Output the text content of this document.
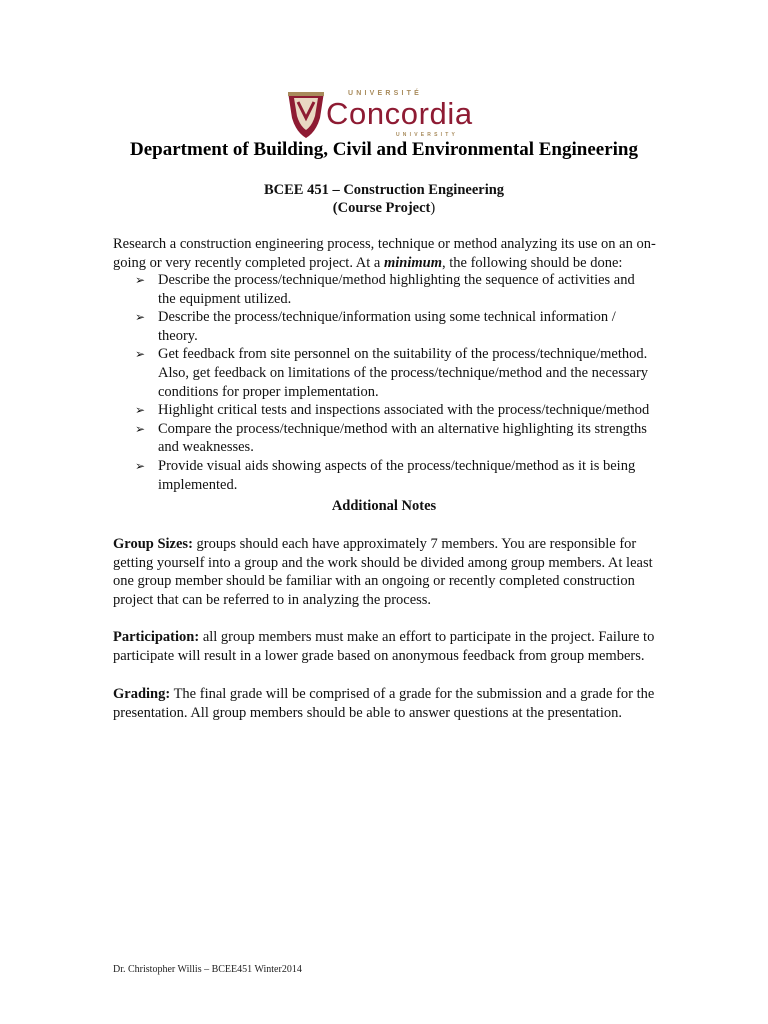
UNIVERSITÉ
Concordia
UNIVERSITY
Department of Building, Civil and Environmental Engineering
BCEE 451 – Construction Engineering
(Course Project)
Research a construction engineering process, technique or method analyzing its use on an on-going or very recently completed project. At a minimum, the following should be done:
➢ Describe the process/technique/method highlighting the sequence of activities and the equipment utilized.
➢ Describe the process/technique/information using some technical information / theory.
➢ Get feedback from site personnel on the suitability of the process/technique/method. Also, get feedback on limitations of the process/technique/method and the necessary conditions for proper implementation.
➢ Highlight critical tests and inspections associated with the process/technique/method
➢ Compare the process/technique/method with an alternative highlighting its strengths and weaknesses.
➢ Provide visual aids showing aspects of the process/technique/method as it is being implemented.
Additional Notes
Group Sizes: groups should each have approximately 7 members. You are responsible for getting yourself into a group and the work should be divided among group members. At least one group member should be familiar with an ongoing or recently completed construction project that can be referred to in analyzing the process.
Participation: all group members must make an effort to participate in the project. Failure to participate will result in a lower grade based on anonymous feedback from group members.
Grading: The final grade will be comprised of a grade for the submission and a grade for the presentation. All group members should be able to answer questions at the presentation.
Dr. Christopher Willis – BCEE451 Winter2014
